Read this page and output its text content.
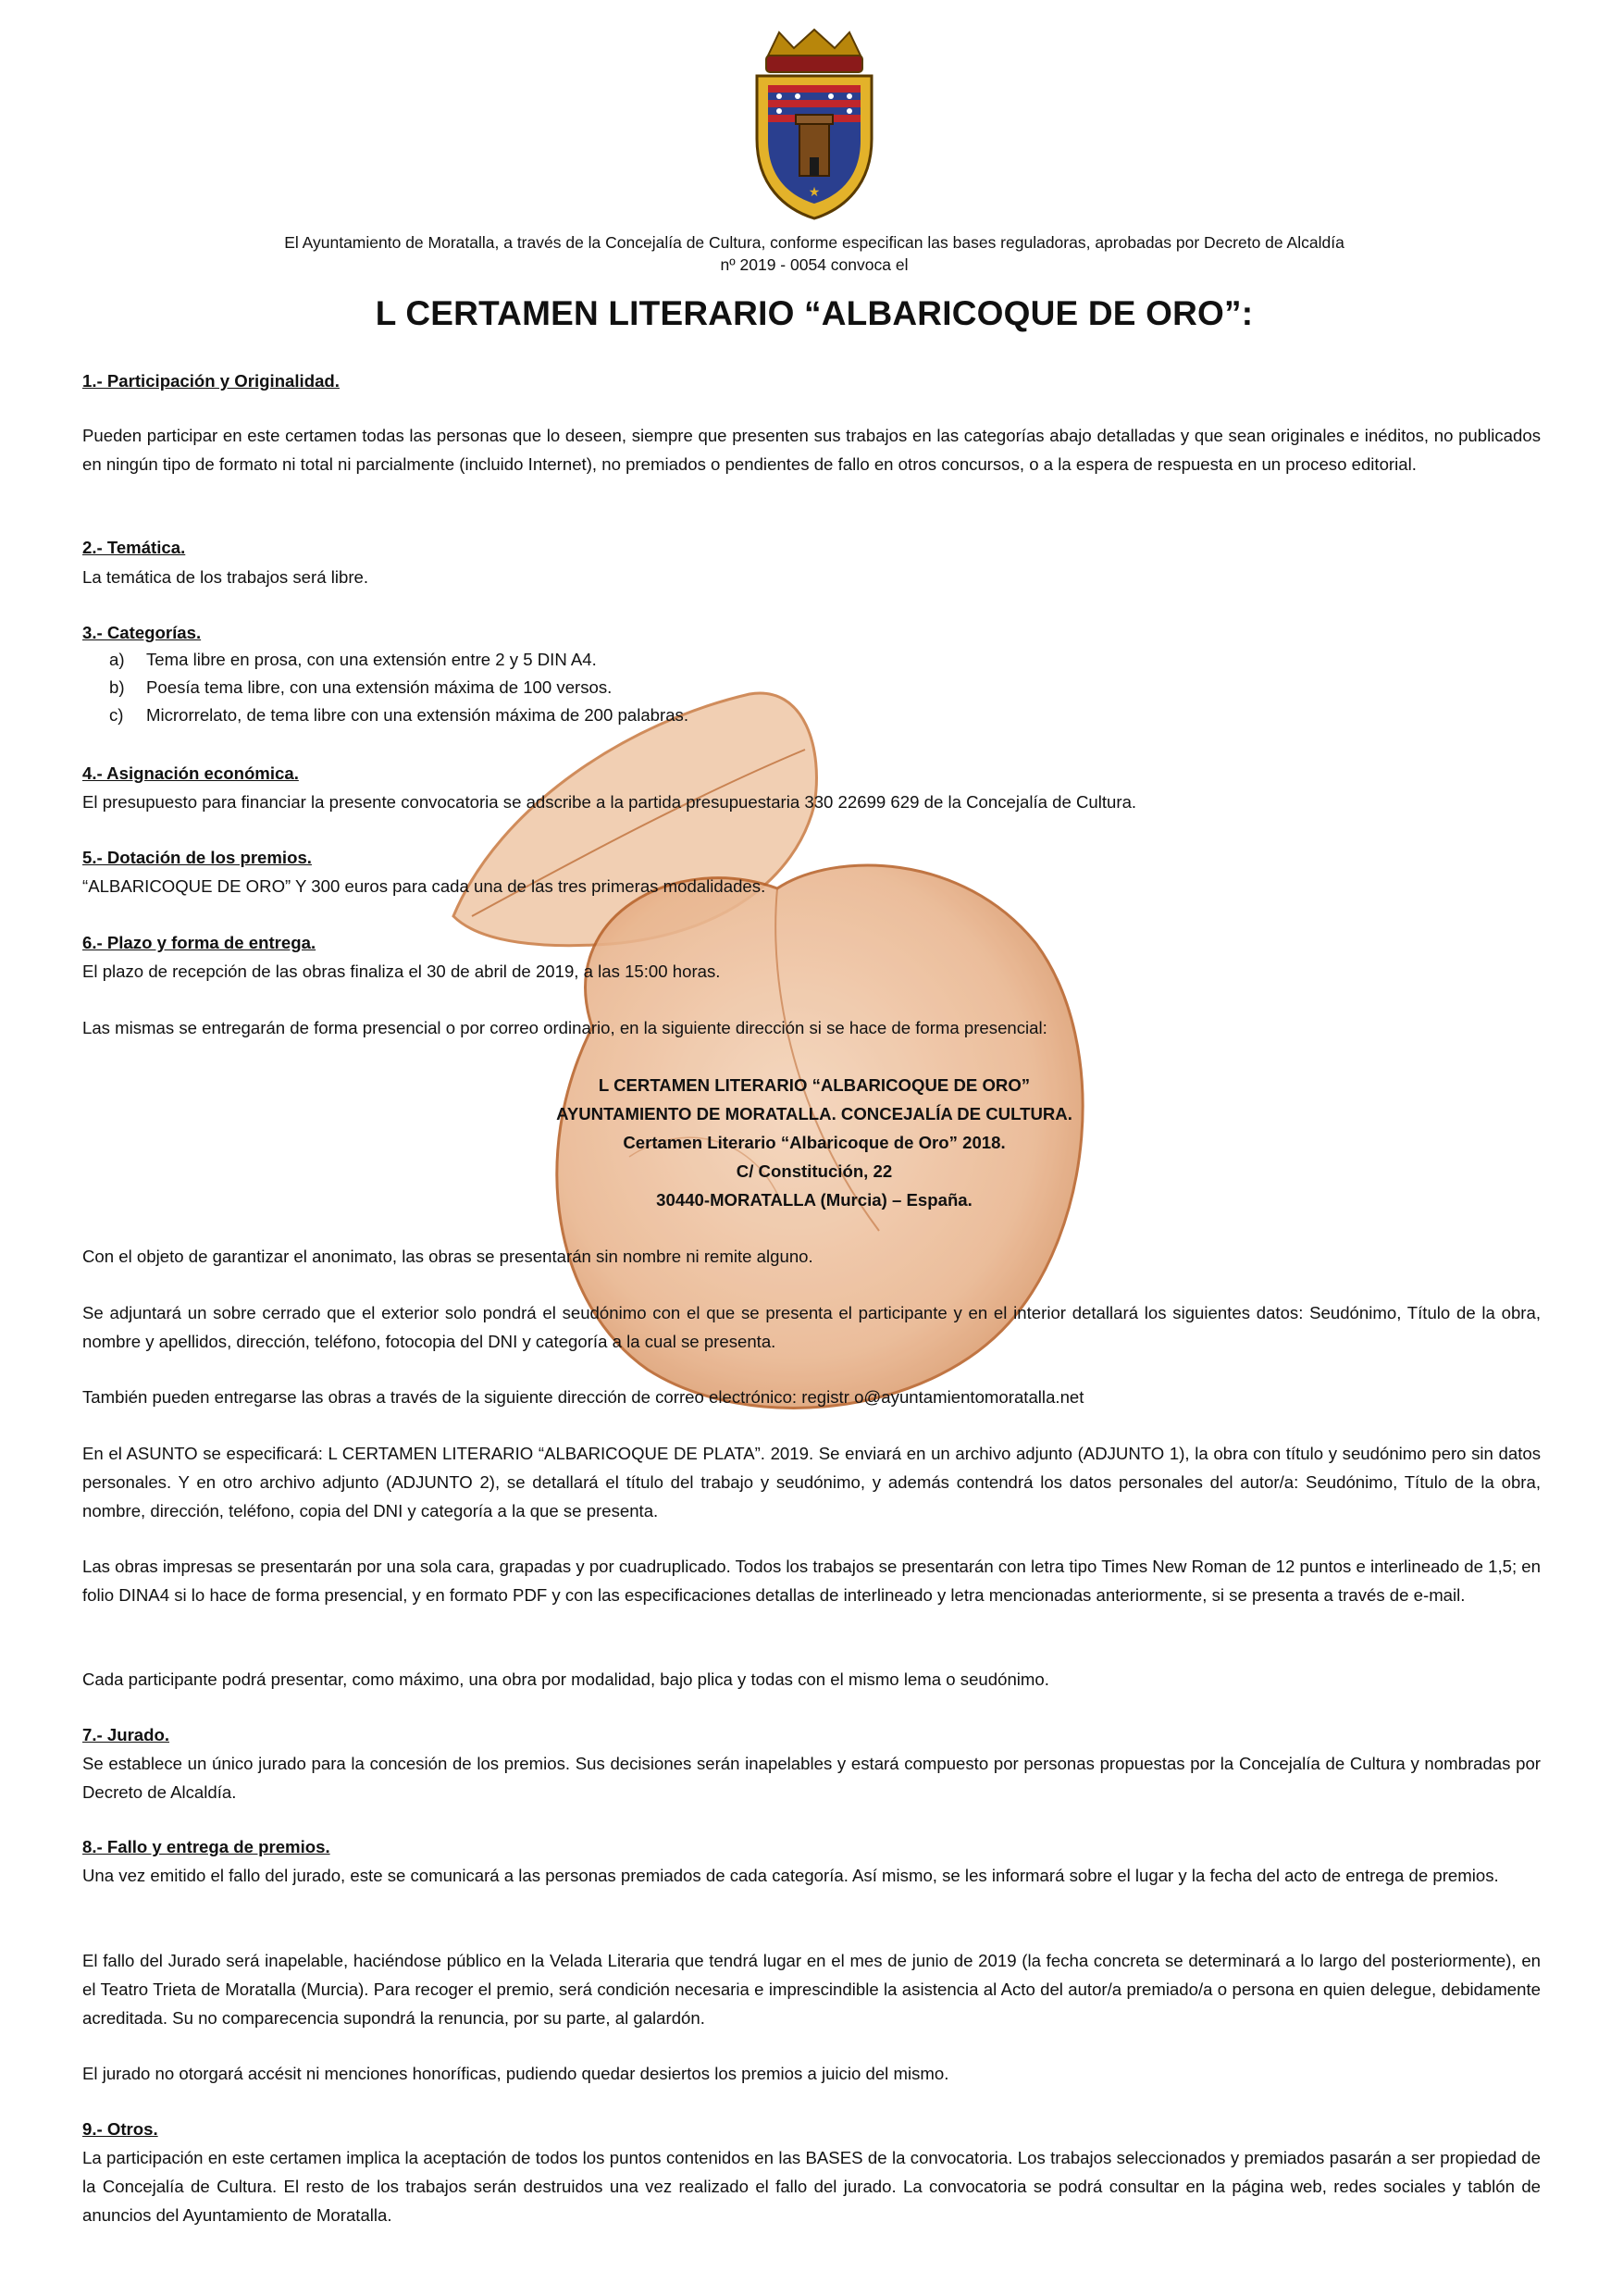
★
El Ayuntamiento de Moratalla, a través de la Concejalía de Cultura, conforme especifican las bases reguladoras, aprobadas por Decreto de Alcaldía
nº 2019 - 0054 convoca el
L CERTAMEN LITERARIO “ALBARICOQUE DE ORO”:

1.- Participación y Originalidad.

Pueden participar en este certamen todas las personas que lo deseen, siempre que presenten sus trabajos en las categorías abajo detalladas y que sean originales e inéditos, no publicados en ningún tipo de formato ni total ni parcialmente (incluido Internet), no premiados o pendientes de fallo en otros concursos, o a la espera de respuesta en un proceso editorial.

2.- Temática.

La temática de los trabajos será libre.

3.- Categorías.

a) Tema libre en prosa, con una extensión entre 2 y 5 DIN A4.

b) Poesía tema libre, con una extensión máxima de 100 versos.

c) Microrrelato, de tema libre con una extensión máxima de 200 palabras.

4.- Asignación económica.

El presupuesto para financiar la presente convocatoria se adscribe a la partida presupuestaria 330 22699 629 de la Concejalía de Cultura.

5.- Dotación de los premios.

“ALBARICOQUE DE ORO” Y 300 euros para cada una de las tres primeras modalidades.

6.- Plazo y forma de entrega.

El plazo de recepción de las obras finaliza el 30 de abril de 2019, a las 15:00 horas.

Las mismas se entregarán de forma presencial o por correo ordinario, en la siguiente dirección si se hace de forma presencial:

L CERTAMEN LITERARIO “ALBARICOQUE DE ORO”

AYUNTAMIENTO DE MORATALLA. CONCEJALÍA DE CULTURA.

Certamen Literario “Albaricoque de Oro” 2018.

C/ Constitución, 22

30440-MORATALLA (Murcia) – España.

Con el objeto de garantizar el anonimato, las obras se presentarán sin nombre ni remite alguno.

Se adjuntará un sobre cerrado que el exterior solo pondrá el seudónimo con el que se presenta el participante y en el interior detallará los siguientes datos: Seudónimo, Título de la obra, nombre y apellidos, dirección, teléfono, fotocopia del DNI y categoría a la cual se presenta.

También pueden entregarse las obras a través de la siguiente dirección de correo electrónico: registr o@ayuntamientomoratalla.net

En el ASUNTO se especificará: L CERTAMEN LITERARIO “ALBARICOQUE DE PLATA”. 2019. Se enviará en un archivo adjunto (ADJUNTO 1), la obra con título y seudónimo pero sin datos personales. Y en otro archivo adjunto (ADJUNTO 2), se detallará el título del trabajo y seudónimo, y además contendrá los datos personales del autor/a: Seudónimo, Título de la obra, nombre, dirección, teléfono, copia del DNI y categoría a la que se presenta.

Las obras impresas se presentarán por una sola cara, grapadas y por cuadruplicado. Todos los trabajos se presentarán con letra tipo Times New Roman de 12 puntos e interlineado de 1,5; en folio DINA4 si lo hace de forma presencial, y en formato PDF y con las especificaciones detallas de interlineado y letra mencionadas anteriormente, si se presenta a través de e-mail.

Cada participante podrá presentar, como máximo, una obra por modalidad, bajo plica y todas con el mismo lema o seudónimo.

7.- Jurado.

Se establece un único jurado para la concesión de los premios. Sus decisiones serán inapelables y estará compuesto por personas propuestas por la Concejalía de Cultura y nombradas por Decreto de Alcaldía.

8.- Fallo y entrega de premios.

Una vez emitido el fallo del jurado, este se comunicará a las personas premiados de cada categoría. Así mismo, se les informará sobre el lugar y la fecha del acto de entrega de premios.

El fallo del Jurado será inapelable, haciéndose público en la Velada Literaria que tendrá lugar en el mes de junio de 2019 (la fecha concreta se determinará a lo largo del posteriormente), en el Teatro Trieta de Moratalla (Murcia). Para recoger el premio, será condición necesaria e imprescindible la asistencia al Acto del autor/a premiado/a o persona en quien delegue, debidamente acreditada. Su no comparecencia supondrá la renuncia, por su parte, al galardón.

El jurado no otorgará accésit ni menciones honoríficas, pudiendo quedar desiertos los premios a juicio del mismo.

9.- Otros.

La participación en este certamen implica la aceptación de todos los puntos contenidos en las BASES de la convocatoria. Los trabajos seleccionados y premiados pasarán a ser propiedad de la Concejalía de Cultura. El resto de los trabajos serán destruidos una vez realizado el fallo del jurado. La convocatoria se podrá consultar en la página web, redes sociales y tablón de anuncios del Ayuntamiento de Moratalla.
